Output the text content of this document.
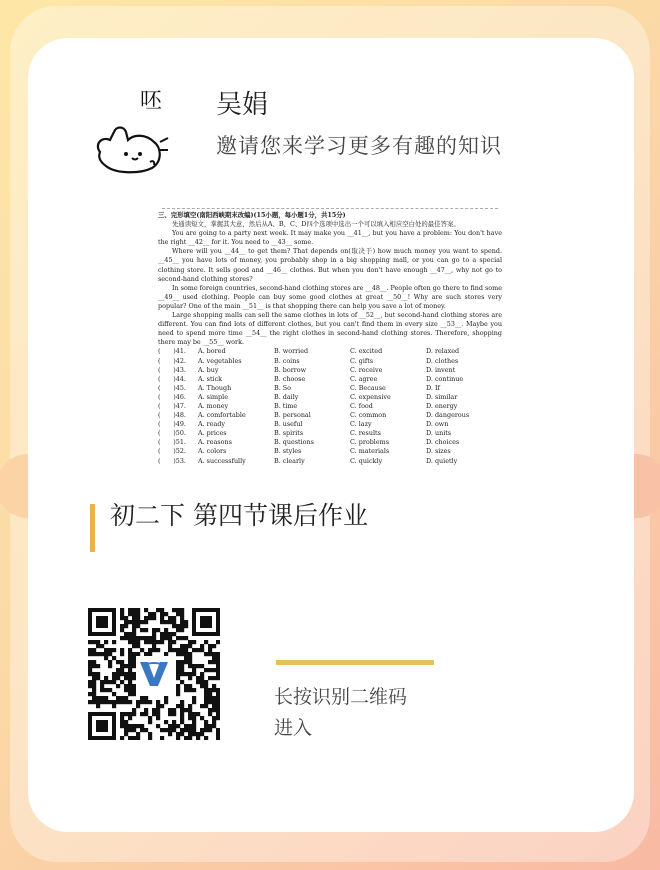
呸 吴娟
邀请您来学习更多有趣的知识
三、完形填空(南阳西峡期末改编)(15小题，每小题1分，共15分)

先通读短文，掌握其大意，然后从A、B、C、D四个选项中选出一个可以填入相应空白处的最佳答案。

You are going to a party next week. It may make you __41__, but you have a problem: You don't have the right __42__ for it. You need to __43__ some.

Where will you __44__ to get them? That depends on(取决于) how much money you want to spend. __45__ you have lots of money, you probably shop in a big shopping mall, or you can go to a special clothing store. It sells good and __46__ clothes. But when you don't have enough __47__, why not go to second-hand clothing stores?

In some foreign countries, second-hand clothing stores are __48__. People often go there to find some __49__ used clothing. People can buy some good clothes at great __50__! Why are such stores very popular? One of the main __51__ is that shopping there can help you save a lot of money.

Large shopping malls can sell the same clothes in lots of __52__, but second-hand clothing stores are different. You can find lots of different clothes, but you can't find them in every size __53__. Maybe you need to spend more time __54__ the right clothes in second-hand clothing stores. Therefore, shopping there may be __55__ work.

(　　)41.	A. bored	B. worried	C. excited	D. relaxed
(　　)42.	A. vegetables	B. coins	C. gifts	D. clothes
(　　)43.	A. buy	B. borrow	C. receive	D. invent
(　　)44.	A. stick	B. choose	C. agree	D. continue
(　　)45.	A. Though	B. So	C. Because	D. If
(　　)46.	A. simple	B. daily	C. expensive	D. similar
(　　)47.	A. money	B. time	C. food	D. energy
(　　)48.	A. comfortable	B. personal	C. common	D. dangerous
(　　)49.	A. ready	B. useful	C. lazy	D. own
(　　)50.	A. prices	B. spirits	C. results	D. units
(　　)51.	A. reasons	B. questions	C. problems	D. choices
(　　)52.	A. colors	B. styles	C. materials	D. sizes
(　　)53.	A. successfully	B. clearly	C. quickly	D. quietly
初二下 第四节课后作业
长按识别二维码
进入
